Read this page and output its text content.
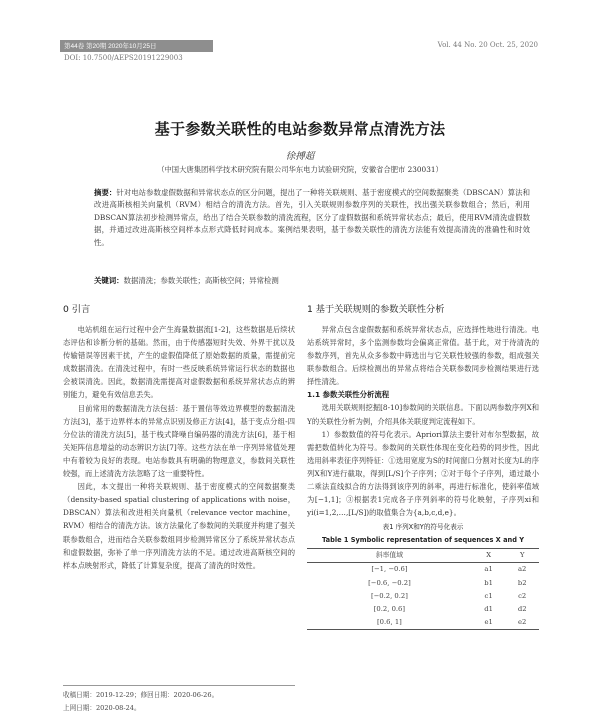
第44卷 第20期 2020年10月25日	Vol. 44 No. 20 Oct. 25, 2020
DOI: 10.7500/AEPS20191229003
基于参数关联性的电站参数异常点清洗方法
徐搏超
（中国大唐集团科学技术研究院有限公司华东电力试验研究院，安徽省合肥市 230031）
摘要：针对电站参数虚假数据和异常状态点的区分问题，提出了一种将关联规则、基于密度模式的空间数据聚类（DBSCAN）算法和改进高斯核相关向量机（RVM）相结合的清洗方法。首先，引入关联规则参数序列的关联性，找出强关联参数组合；然后，利用DBSCAN算法初步检测异常点，给出了结合关联参数的清洗流程，区分了虚假数据和系统异常状态点；最后，使用RVM清洗虚假数据，并通过改进高斯核空间样本点形式降低时间成本。案例结果表明，基于参数关联性的清洗方法能有效提高清洗的准确性和时效性。
关键词：数据清洗；参数关联性；高斯核空间；异常检测
0 引言

电站机组在运行过程中会产生海量数据流[1-2]，这些数据是后续状态评估和诊断分析的基础。然而，由于传感器短时失效、外界干扰以及传输错误等因素干扰，产生的虚假值降低了原始数据的质量，需提前完成数据清洗。在清洗过程中，有时一些反映系统异常运行状态的数据也会被误清洗。因此，数据清洗需提高对虚假数据和系统异常状态点的辨别能力，避免有效信息丢失。

目前常用的数据清洗方法包括：基于置信等效边界模型的数据清洗方法[3]，基于边界样本的异常点识别及修正方法[4]，基于变点分组-四分位法的清洗方法[5]，基于栈式降噪自编码器的清洗方法[6]，基于相关矩阵信息增益的动态辨识方法[7]等。这些方法在单一序列异常值处理中有着较为良好的表现。电站参数具有明确的物理意义，参数间关联性较强，而上述清洗方法忽略了这一重要特性。

因此，本文提出一种将关联规则、基于密度模式的空间数据聚类（density-based spatial clustering of applications with noise，DBSCAN）算法和改进相关向量机（relevance vector machine，RVM）相结合的清洗方法。该方法量化了参数间的关联度并构建了强关联参数组合，进而结合关联参数组同步检测异常区分了系统异常状态点和虚假数据，弥补了单一序列清洗方法的不足。通过改进高斯核空间的样本点映射形式，降低了计算复杂度，提高了清洗的时效性。

1 基于关联规则的参数关联性分析

异常点包含虚假数据和系统异常状态点，应选择性地进行清洗。电站系统异常时，多个监测参数均会偏离正常值。基于此，对于待清洗的参数序列，首先从众多参数中筛选出与它关联性较强的参数，组成强关联参数组合。后续检测出的异常点将结合关联参数同步检测结果进行选择性清洗。

1.1 参数关联性分析流程

选用关联规则挖掘[8-10]参数间的关联信息。下面以两参数序列X和Y的关联性分析为例，介绍具体关联度判定流程如下。

1）参数数值的符号化表示。Apriori算法主要针对布尔型数据，故需把数值转化为符号。参数间的关联性体现在变化趋势的同步性，因此选用斜率表征序列特征：①选用宽度为S的时间窗口分割对长度为L的序列X和Y进行截取，得到[L/S]个子序列；②对于每个子序列，通过最小二乘法直线拟合的方法得到该序列的斜率，再进行标准化，使斜率值域为[−1,1]；③根据表1完成各子序列斜率的符号化映射，子序列xi和yi(i=1,2,…,[L/S])的取值集合为{a,b,c,d,e}。

表1 序列X和Y的符号化表示
Table 1 Symbolic representation of sequences X and Y
斜率值域	X	Y
[−1, −0.6]	a1	a2
[−0.6, −0.2]	b1	b2
[−0.2, 0.2]	c1	c2
[0.2, 0.6]	d1	d2
[0.6, 1]	e1	e2
收稿日期：2019-12-29；修回日期：2020-06-26。
上网日期：2020-08-24。
